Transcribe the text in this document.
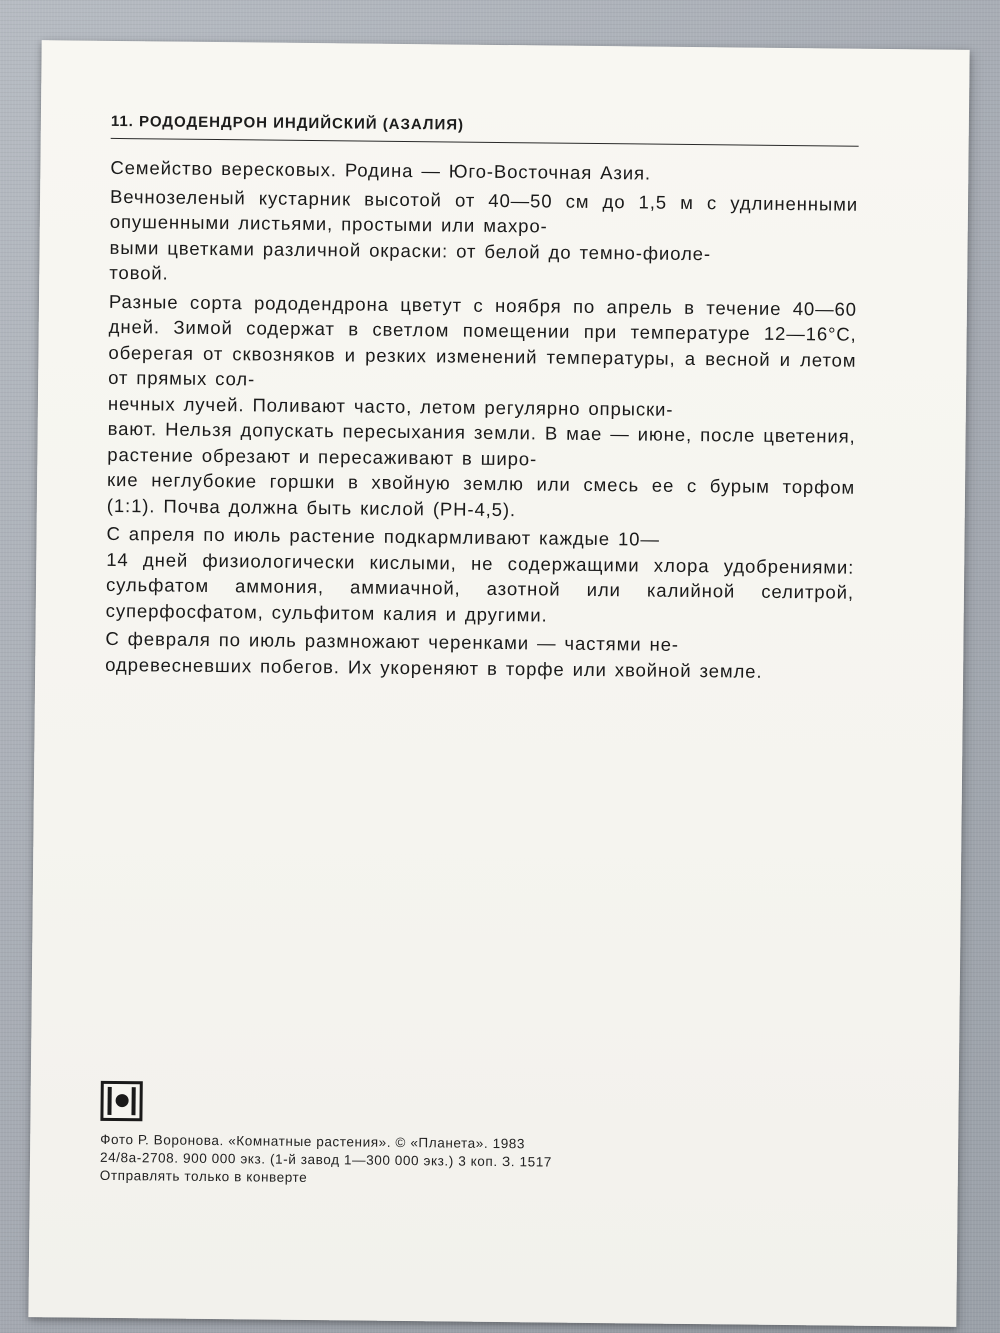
11. РОДОДЕНДРОН ИНДИЙСКИЙ (АЗАЛИЯ)

Семейство вересковых. Родина — Юго-Восточная Азия.

Вечнозеленый кустарник высотой от 40—50 см до 1,5 м с удлиненными опушенными листьями, простыми или махро-
выми цветками различной окраски: от белой до темно-фиоле-
товой.

Разные сорта рододендрона цветут с ноября по апрель в течение 40—60 дней. Зимой содержат в светлом помещении при температуре 12—16°С, оберегая от сквозняков и резких изменений температуры, а весной и летом от прямых сол-
нечных лучей. Поливают часто, летом регулярно опрыски-
вают. Нельзя допускать пересыхания земли. В мае — июне, после цветения, растение обрезают и пересаживают в широ-
кие неглубокие горшки в хвойную землю или смесь ее с бурым торфом (1:1). Почва должна быть кислой (РН-4,5).

С апреля по июль растение подкармливают каждые 10—
14 дней физиологически кислыми, не содержащими хлора удобрениями: сульфатом аммония, аммиачной, азотной или калийной селитрой, суперфосфатом, сульфитом калия и другими.

С февраля по июль размножают черенками — частями не-
одревесневших побегов. Их укореняют в торфе или хвойной земле.

Фото Р. Воронова. «Комнатные растения». © «Планета». 1983

24/8а-2708. 900 000 экз. (1-й завод 1—300 000 экз.) 3 коп. З. 1517

Отправлять только в конверте
